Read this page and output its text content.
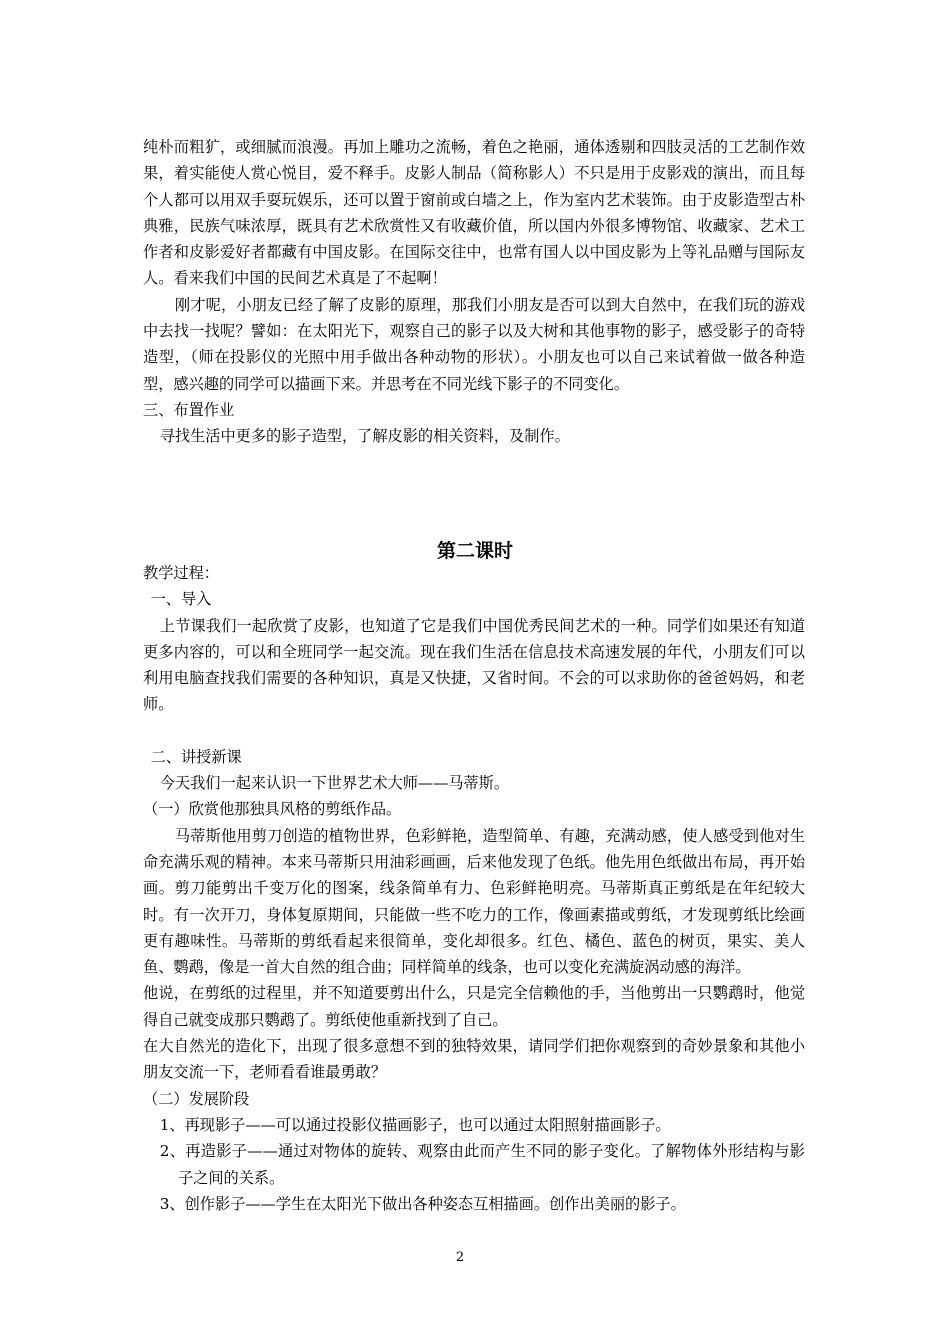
纯朴而粗犷，或细腻而浪漫。再加上雕功之流畅，着色之艳丽，通体透剔和四肢灵活的工艺制作效果，着实能使人赏心悦目，爱不释手。皮影人制品（简称影人）不只是用于皮影戏的演出，而且每个人都可以用双手耍玩娱乐，还可以置于窗前或白墙之上，作为室内艺术装饰。由于皮影造型古朴典雅，民族气味浓厚，既具有艺术欣赏性又有收藏价值，所以国内外很多博物馆、收藏家、艺术工作者和皮影爱好者都藏有中国皮影。在国际交往中，也常有国人以中国皮影为上等礼品赠与国际友人。看来我们中国的民间艺术真是了不起啊！

刚才呢，小朋友已经了解了皮影的原理，那我们小朋友是否可以到大自然中，在我们玩的游戏中去找一找呢？譬如：在太阳光下，观察自己的影子以及大树和其他事物的影子，感受影子的奇特造型，（师在投影仪的光照中用手做出各种动物的形状）。小朋友也可以自己来试着做一做各种造型，感兴趣的同学可以描画下来。并思考在不同光线下影子的不同变化。

三、布置作业

寻找生活中更多的影子造型，了解皮影的相关资料，及制作。

第二课时

教学过程：

一、导入

上节课我们一起欣赏了皮影，也知道了它是我们中国优秀民间艺术的一种。同学们如果还有知道更多内容的，可以和全班同学一起交流。现在我们生活在信息技术高速发展的年代，小朋友们可以利用电脑查找我们需要的各种知识，真是又快捷，又省时间。不会的可以求助你的爸爸妈妈，和老师。

二、讲授新课

今天我们一起来认识一下世界艺术大师——马蒂斯。

（一）欣赏他那独具风格的剪纸作品。

马蒂斯他用剪刀创造的植物世界，色彩鲜艳，造型简单、有趣，充满动感，使人感受到他对生命充满乐观的精神。本来马蒂斯只用油彩画画，后来他发现了色纸。他先用色纸做出布局，再开始画。剪刀能剪出千变万化的图案，线条简单有力、色彩鲜艳明亮。马蒂斯真正剪纸是在年纪较大时。有一次开刀，身体复原期间，只能做一些不吃力的工作，像画素描或剪纸，才发现剪纸比绘画更有趣味性。马蒂斯的剪纸看起来很简单，变化却很多。红色、橘色、蓝色的树页，果实、美人鱼、鹦鹉，像是一首大自然的组合曲；同样简单的线条，也可以变化充满旋涡动感的海洋。

他说，在剪纸的过程里，并不知道要剪出什么，只是完全信赖他的手，当他剪出一只鹦鹉时，他觉得自己就变成那只鹦鹉了。剪纸使他重新找到了自己。

在大自然光的造化下，出现了很多意想不到的独特效果，请同学们把你观察到的奇妙景象和其他小朋友交流一下，老师看看谁最勇敢？

（二）发展阶段

1、再现影子——可以通过投影仪描画影子，也可以通过太阳照射描画影子。

2、再造影子——通过对物体的旋转、观察由此而产生不同的影子变化。了解物体外形结构与影子之间的关系。

3、创作影子——学生在太阳光下做出各种姿态互相描画。创作出美丽的影子。

2
